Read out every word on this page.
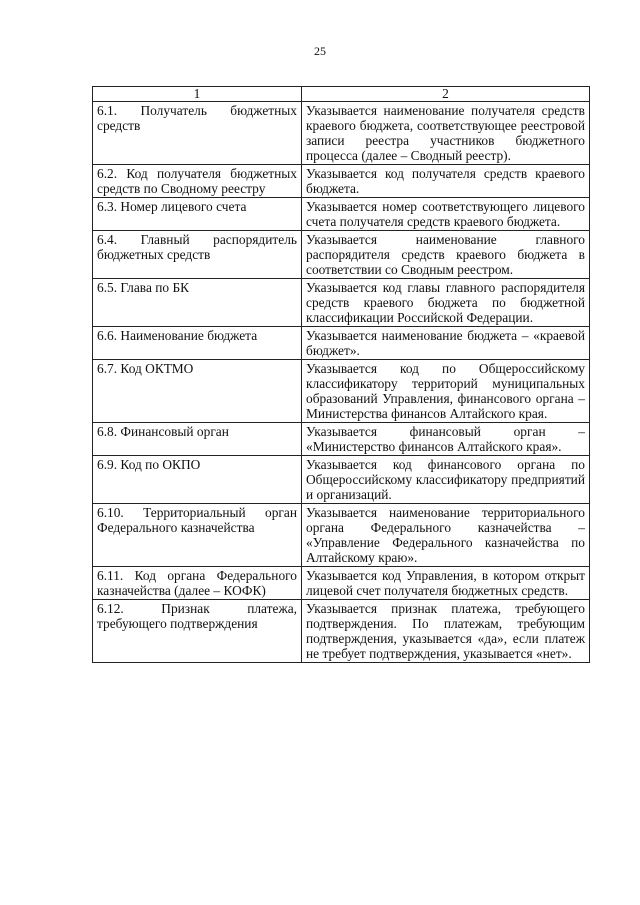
25
1	2
6.1. Получатель бюджетных средств	Указывается наименование получателя средств краевого бюджета, соответствующее реестровой записи реестра участников бюджетного процесса (далее – Сводный реестр).
6.2. Код получателя бюджетных средств по Сводному реестру	Указывается код получателя средств краевого бюджета.
6.3. Номер лицевого счета	Указывается номер соответствующего лицевого счета получателя средств краевого бюджета.
6.4. Главный распорядитель бюджетных средств	Указывается наименование главного распорядителя средств краевого бюджета в соответствии со Сводным реестром.
6.5. Глава по БК	Указывается код главы главного распорядителя средств краевого бюджета по бюджетной классификации Российской Федерации.
6.6. Наименование бюджета	Указывается наименование бюджета – «краевой бюджет».
6.7. Код ОКТМО	Указывается код по Общероссийскому классификатору территорий муниципальных образований Управления, финансового органа – Министерства финансов Алтайского края.
6.8. Финансовый орган	Указывается финансовый орган – «Министерство финансов Алтайского края».
6.9. Код по ОКПО	Указывается код финансового органа по Общероссийскому классификатору предприятий и организаций.
6.10. Территориальный орган Федерального казначейства	Указывается наименование территориального органа Федерального казначейства – «Управление Федерального казначейства по Алтайскому краю».
6.11. Код органа Федерального казначейства (далее – КОФК)	Указывается код Управления, в котором открыт лицевой счет получателя бюджетных средств.
6.12. Признак платежа, требующего подтверждения	Указывается признак платежа, требующего подтверждения. По платежам, требующим подтверждения, указывается «да», если платеж не требует подтверждения, указывается «нет».
